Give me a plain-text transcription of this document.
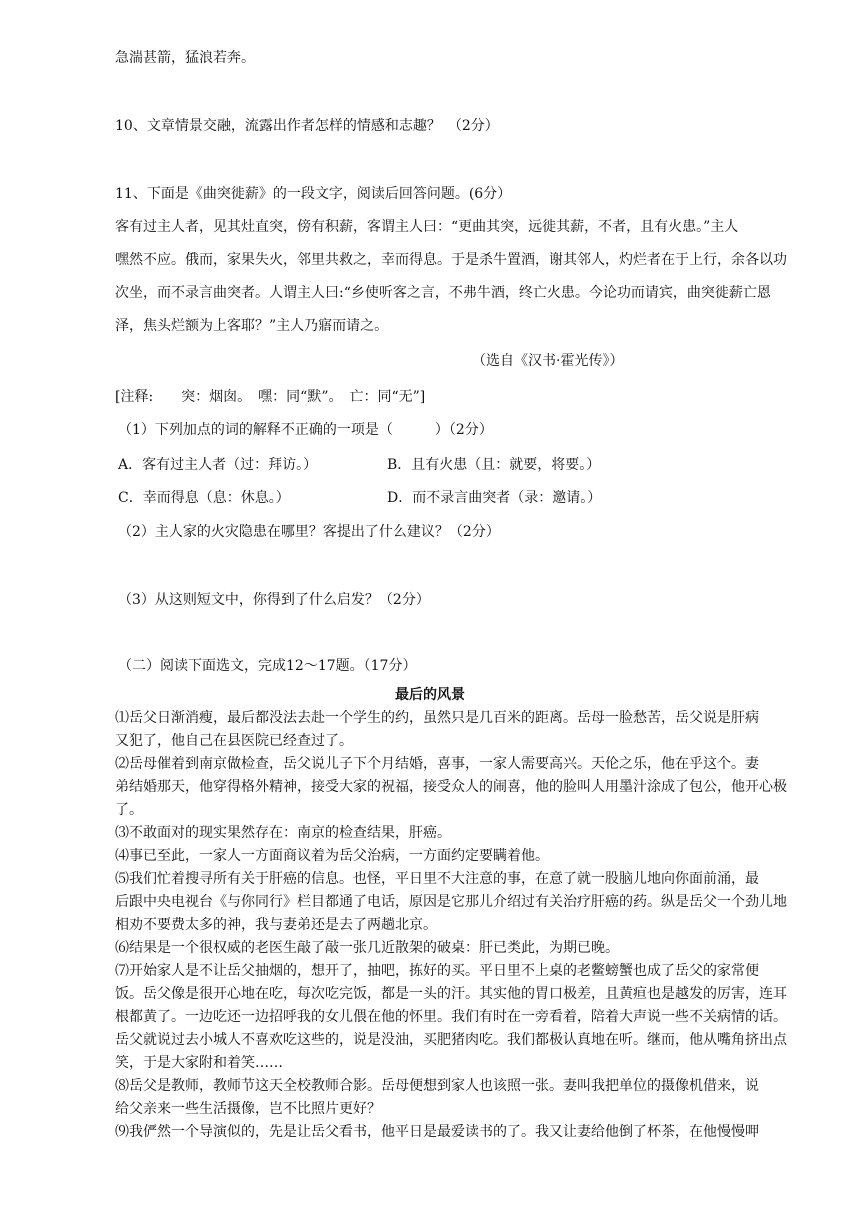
急湍甚箭，猛浪若奔。
10、文章情景交融，流露出作者怎样的情感和志趣？　（2分）
11、下面是《曲突徙薪》的一段文字，阅读后回答问题。(6分）
客有过主人者，见其灶直突，傍有积薪，客谓主人曰：“更曲其突，远徙其薪，不者，且有火患。”主人
嘿然不应。俄而，家果失火，邻里共救之，幸而得息。于是杀牛置酒，谢其邻人，灼烂者在于上行，余各以功
次坐，而不录言曲突者。人谓主人曰:“乡使听客之言，不弗牛酒，终亡火患。今论功而请宾，曲突徙薪亡恩
泽，焦头烂额为上客耶？”主人乃寤而请之。
（选自《汉书·霍光传》）
[注释:　　突：烟囱。　嘿：同“默”。　亡：同“无”]
（1）下列加点的词的解释不正确的一项是（　　　）（2分）
A．客有过主人者（过：拜访。）	B．且有火患（且：就要，将要。）
C．幸而得息（息：休息。）	D．而不录言曲突者（录：邀请。）
（2）主人家的火灾隐患在哪里？客提出了什么建议？（2分）
（3）从这则短文中，你得到了什么启发？（2分）
（二）阅读下面选文，完成12～17题。（17分）
最后的风景
⑴岳父日渐消瘦，最后都没法去赴一个学生的约，虽然只是几百米的距离。岳母一脸愁苦，岳父说是肝病
又犯了，他自己在县医院已经查过了。
⑵岳母催着到南京做检查，岳父说儿子下个月结婚，喜事，一家人需要高兴。天伦之乐，他在乎这个。妻
弟结婚那天，他穿得格外精神，接受大家的祝福，接受众人的闹喜，他的脸叫人用墨汁涂成了包公，他开心极
了。
⑶不敢面对的现实果然存在：南京的检查结果，肝癌。
⑷事已至此，一家人一方面商议着为岳父治病，一方面约定要瞒着他。
⑸我们忙着搜寻所有关于肝癌的信息。也怪，平日里不大注意的事，在意了就一股脑儿地向你面前涌，最
后跟中央电视台《与你同行》栏目都通了电话，原因是它那儿介绍过有关治疗肝癌的药。纵是岳父一个劲儿地
相劝不要费太多的神，我与妻弟还是去了两趟北京。
⑹结果是一个很权威的老医生敲了敲一张几近散架的破桌：肝已类此，为期已晚。
⑺开始家人是不让岳父抽烟的，想开了，抽吧，拣好的买。平日里不上桌的老鳖螃蟹也成了岳父的家常便
饭。岳父像是很开心地在吃，每次吃完饭，都是一头的汗。其实他的胃口极差，且黄疸也是越发的厉害，连耳
根都黄了。一边吃还一边招呼我的女儿偎在他的怀里。我们有时在一旁看着，陪着大声说一些不关病情的话。
岳父就说过去小城人不喜欢吃这些的，说是没油，买肥猪肉吃。我们都极认真地在听。继而，他从嘴角挤出点
笑，于是大家附和着笑……
⑻岳父是教师，教师节这天全校教师合影。岳母便想到家人也该照一张。妻叫我把单位的摄像机借来，说
给父亲来一些生活摄像，岂不比照片更好？
⑼我俨然一个导演似的，先是让岳父看书，他平日是最爱读书的了。我又让妻给他倒了杯茶，在他慢慢呷
